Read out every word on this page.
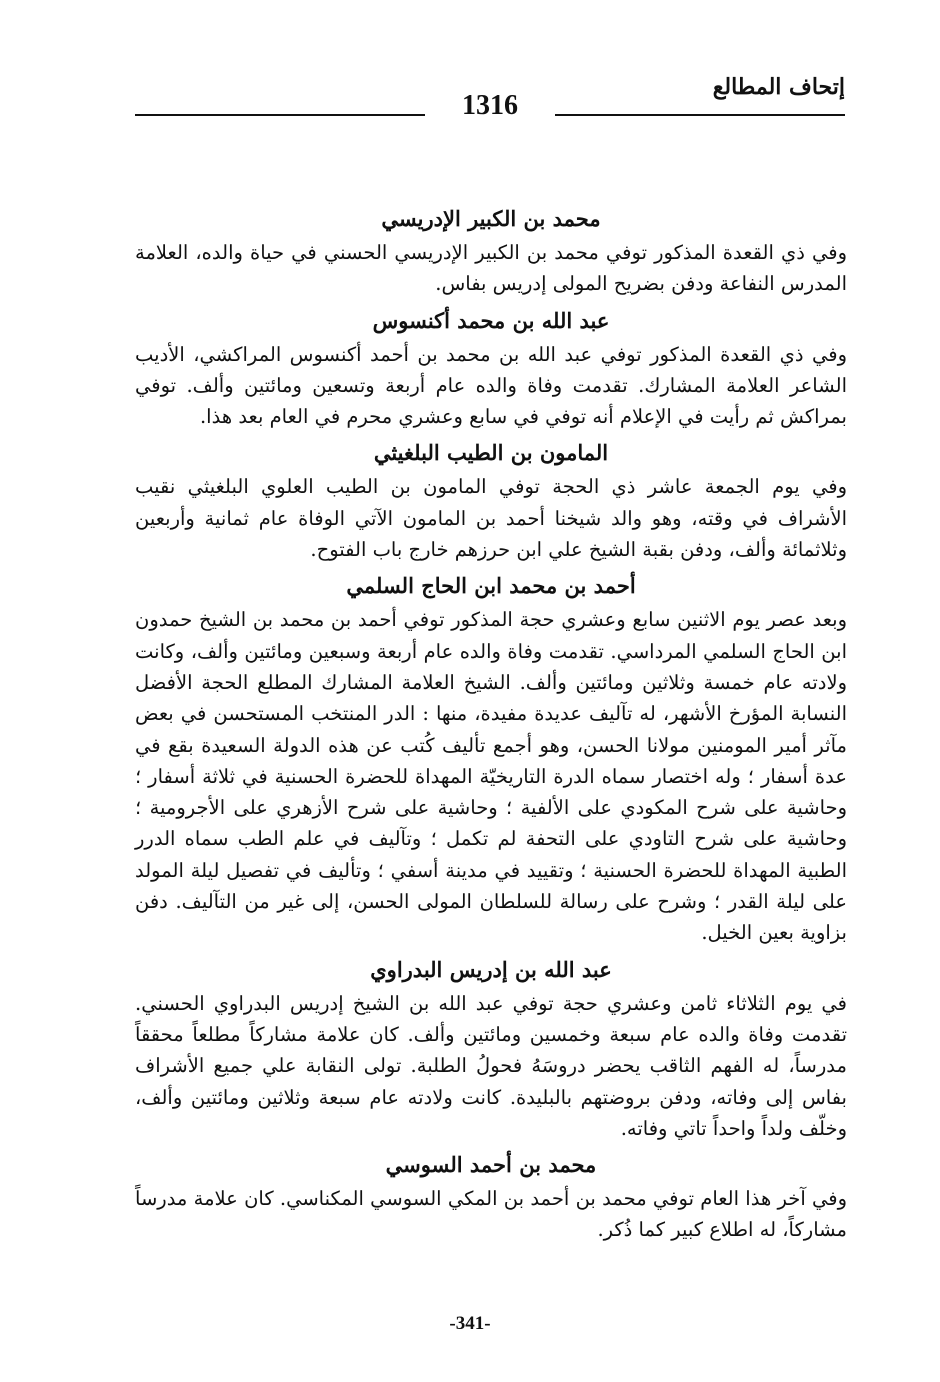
إتحاف المطالع
1316
محمد بن الكبير الإدريسي
وفي ذي القعدة المذكور توفي محمد بن الكبير الإدريسي الحسني في حياة والده، العلامة المدرس النفاعة ودفن بضريح المولى إدريس بفاس.
عبد الله بن محمد أكنسوس
وفي ذي القعدة المذكور توفي عبد الله بن محمد بن أحمد أكنسوس المراكشي، الأديب الشاعر العلامة المشارك. تقدمت وفاة والده عام أربعة وتسعين ومائتين وألف. توفي بمراكش ثم رأيت في الإعلام أنه توفي في سابع وعشري محرم في العام بعد هذا.
المامون بن الطيب البلغيثي
وفي يوم الجمعة عاشر ذي الحجة توفي المامون بن الطيب العلوي البلغيثي نقيب الأشراف في وقته، وهو والد شيخنا أحمد بن المامون الآتي الوفاة عام ثمانية وأربعين وثلاثمائة وألف، ودفن بقبة الشيخ علي ابن حرزهم خارج باب الفتوح.
أحمد بن محمد ابن الحاج السلمي
وبعد عصر يوم الاثنين سابع وعشري حجة المذكور توفي أحمد بن محمد بن الشيخ حمدون ابن الحاج السلمي المرداسي. تقدمت وفاة والده عام أربعة وسبعين ومائتين وألف، وكانت ولادته عام خمسة وثلاثين ومائتين وألف. الشيخ العلامة المشارك المطلع الحجة الأفضل النسابة المؤرخ الأشهر، له تآليف عديدة مفيدة، منها : الدر المنتخب المستحسن في بعض مآثر أمير المومنين مولانا الحسن، وهو أجمع تأليف كُتب عن هذه الدولة السعيدة بقع في عدة أسفار ؛ وله اختصار سماه الدرة التاريخيّة المهداة للحضرة الحسنية في ثلاثة أسفار ؛ وحاشية على شرح المكودي على الألفية ؛ وحاشية على شرح الأزهري على الأجرومية ؛ وحاشية على شرح التاودي على التحفة لم تكمل ؛ وتآليف في علم الطب سماه الدرر الطبية المهداة للحضرة الحسنية ؛ وتقييد في مدينة أسفي ؛ وتأليف في تفصيل ليلة المولد على ليلة القدر ؛ وشرح على رسالة للسلطان المولى الحسن، إلى غير من التآليف. دفن بزاوية بعين الخيل.
عبد الله بن إدريس البدراوي
في يوم الثلاثاء ثامن وعشري حجة توفي عبد الله بن الشيخ إدريس البدراوي الحسني. تقدمت وفاة والده عام سبعة وخمسين ومائتين وألف. كان علامة مشاركاً مطلعاً محققاً مدرساً، له الفهم الثاقب يحضر دروسَهُ فحولُ الطلبة. تولى النقابة علي جميع الأشراف بفاس إلى وفاته، ودفن بروضتهم بالبليدة. كانت ولادته عام سبعة وثلاثين ومائتين وألف، وخلّف ولداً واحداً تاتي وفاته.
محمد بن أحمد السوسي
وفي آخر هذا العام توفي محمد بن أحمد بن المكي السوسي المكناسي. كان علامة مدرساً مشاركاً، له اطلاع كبير كما ذُكر.
-341-
